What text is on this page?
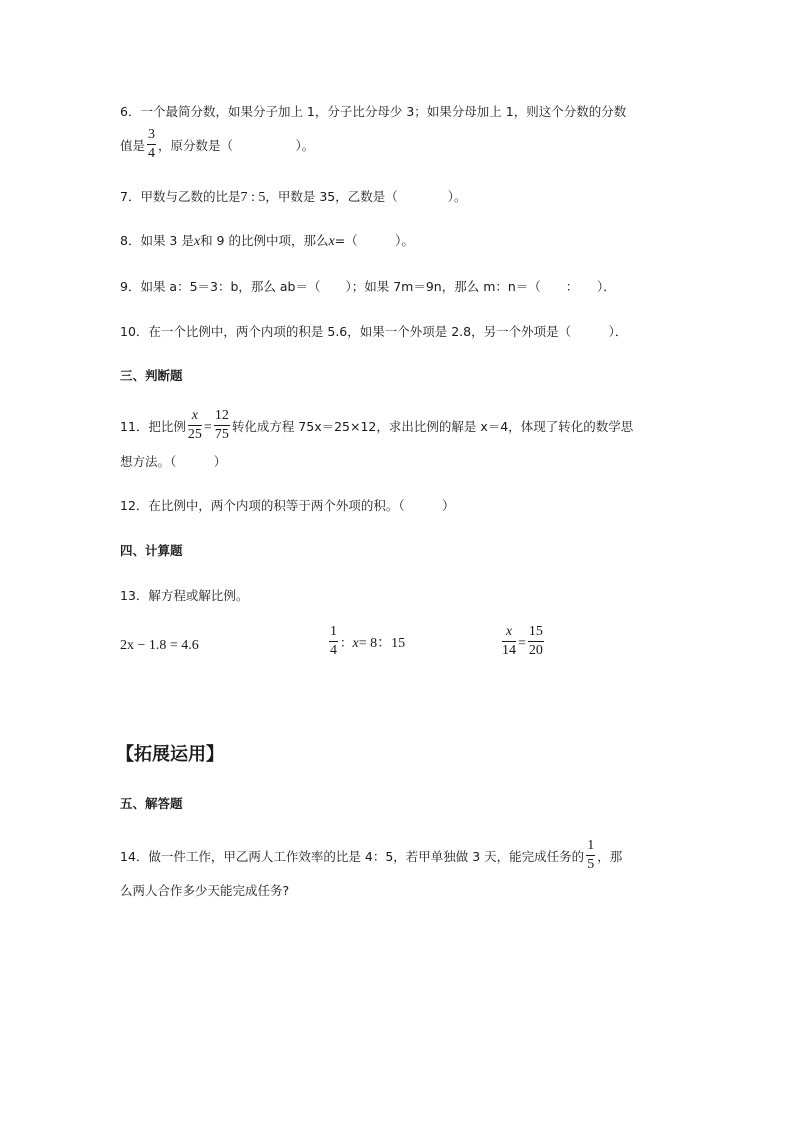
6．一个最简分数，如果分子加上 1，分子比分母少 3；如果分母加上 1，则这个分数的分数
值是 $\frac{3}{4}$ ，原分数是（　　　　　）。
7．甲数与乙数的比是7 : 5，甲数是 35，乙数是（　　　　）。
8．如果 3 是x和 9 的比例中项，那么x=（　　　）。
9．如果 a：5＝3：b，那么 ab＝（　　）；如果 7m＝9n，那么 m：n＝（　　：　　）．
10．在一个比例中，两个内项的积是 5.6，如果一个外项是 2.8，另一个外项是（　　　）．
三、判断题
11．把比例 $\frac{x}{25} = \frac{12}{75}$ 转化成方程 75x＝25×12，求出比例的解是 x＝4，体现了转化的数学思
想方法。（　　　）
12．在比例中，两个内项的积等于两个外项的积。（　　　）
四、计算题
13．解方程或解比例。
2x − 1.8 = 4.6	$\frac{1}{4}$ ：x= 8：15	$\frac{x}{14} = \frac{15}{20}$
【拓展运用】
五、解答题
14．做一件工作，甲乙两人工作效率的比是 4：5，若甲单独做 3 天，能完成任务的 $\frac{1}{5}$ ，那
么两人合作多少天能完成任务?
